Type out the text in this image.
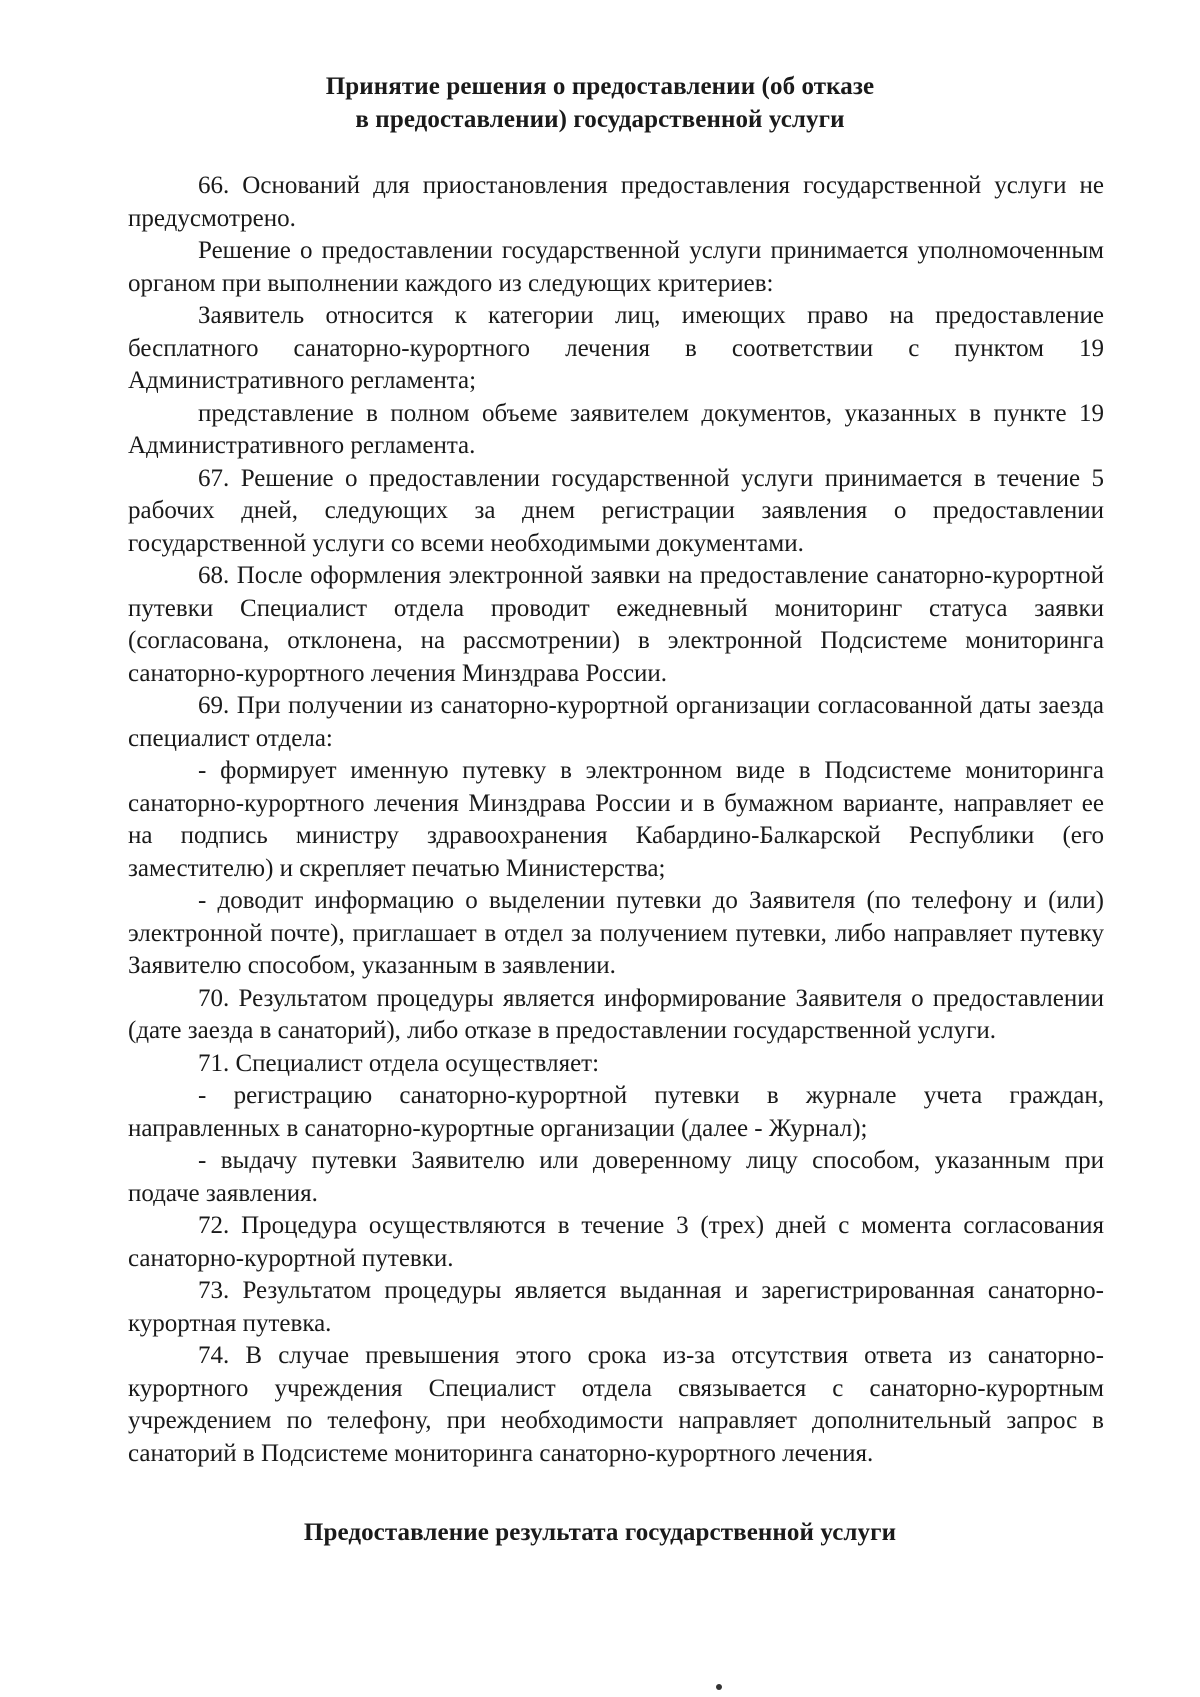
Принятие решения о предоставлении (об отказе
в предоставлении) государственной услуги

66. Оснований для приостановления предоставления государственной услуги не предусмотрено.

Решение о предоставлении государственной услуги принимается уполномоченным органом при выполнении каждого из следующих критериев:

Заявитель относится к категории лиц, имеющих право на предоставление бесплатного санаторно-курортного лечения в соответствии с пунктом 19 Административного регламента;

представление в полном объеме заявителем документов, указанных в пункте 19 Административного регламента.

67. Решение о предоставлении государственной услуги принимается в течение 5 рабочих дней, следующих за днем регистрации заявления о предоставлении государственной услуги со всеми необходимыми документами.

68. После оформления электронной заявки на предоставление санаторно-курортной путевки Специалист отдела проводит ежедневный мониторинг статуса заявки (согласована, отклонена, на рассмотрении) в электронной Подсистеме мониторинга санаторно-курортного лечения Минздрава России.

69. При получении из санаторно-курортной организации согласованной даты заезда специалист отдела:

- формирует именную путевку в электронном виде в Подсистеме мониторинга санаторно-курортного лечения Минздрава России и в бумажном варианте, направляет ее на подпись министру здравоохранения Кабардино-Балкарской Республики (его заместителю) и скрепляет печатью Министерства;

- доводит информацию о выделении путевки до Заявителя (по телефону и (или) электронной почте), приглашает в отдел за получением путевки, либо направляет путевку Заявителю способом, указанным в заявлении.

70. Результатом процедуры является информирование Заявителя о предоставлении (дате заезда в санаторий), либо отказе в предоставлении государственной услуги.

71. Специалист отдела осуществляет:

- регистрацию санаторно-курортной путевки в журнале учета граждан, направленных в санаторно-курортные организации (далее - Журнал);

- выдачу путевки Заявителю или доверенному лицу способом, указанным при подаче заявления.

72. Процедура осуществляются в течение 3 (трех) дней с момента согласования санаторно-курортной путевки.

73. Результатом процедуры является выданная и зарегистрированная санаторно-курортная путевка.

74. В случае превышения этого срока из-за отсутствия ответа из санаторно-курортного учреждения Специалист отдела связывается с санаторно-курортным учреждением по телефону, при необходимости направляет дополнительный запрос в санаторий в Подсистеме мониторинга санаторно-курортного лечения.

Предоставление результата государственной услуги
